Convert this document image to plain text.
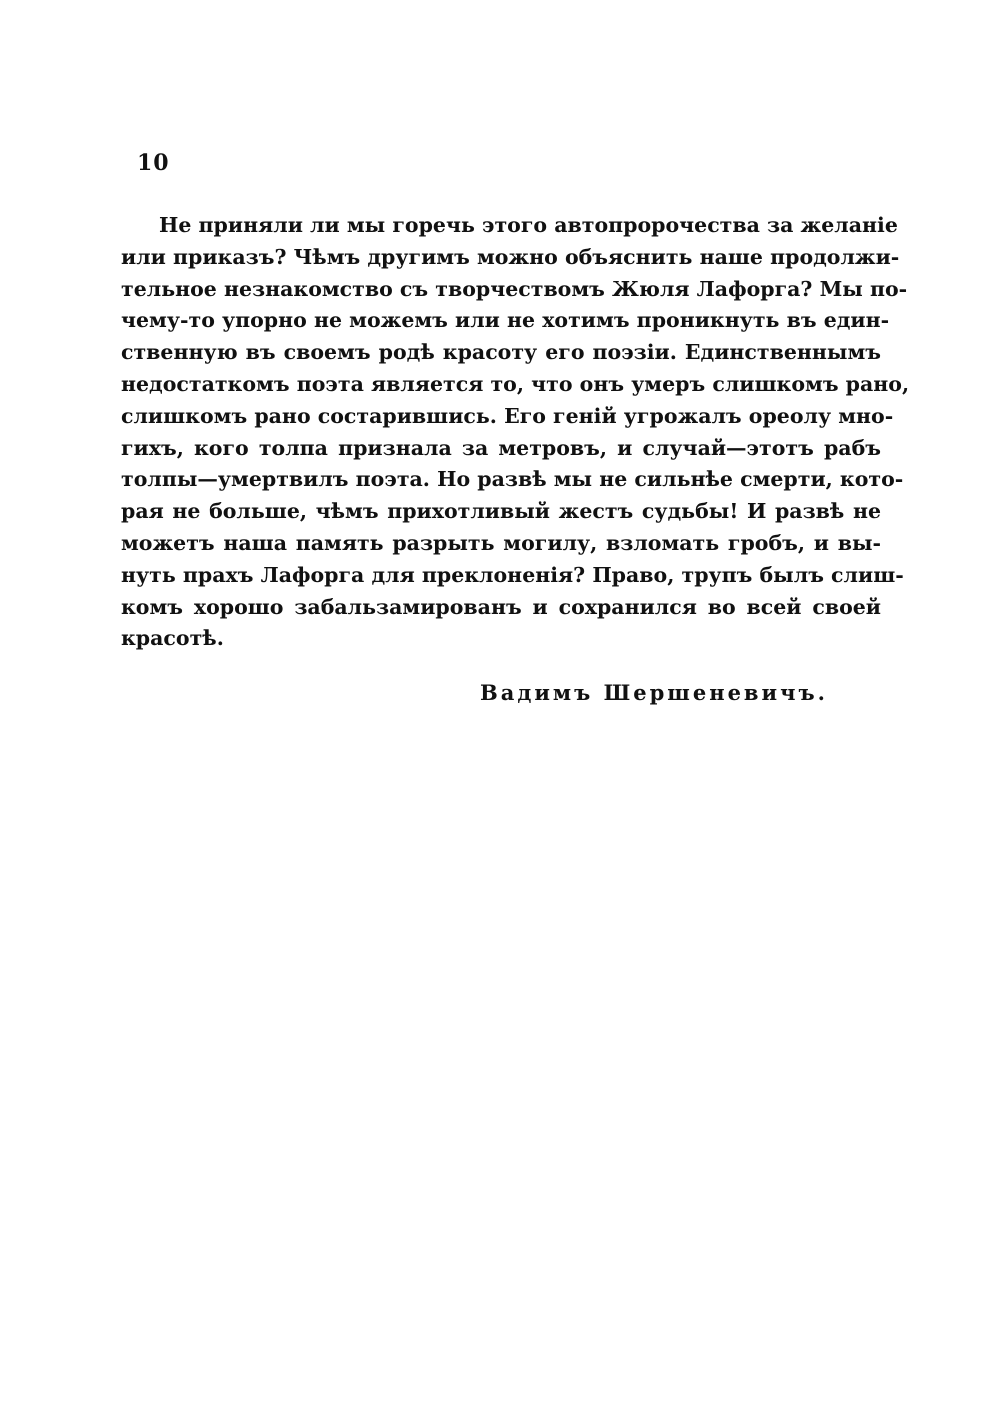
10
Не приняли ли мы горечь этого автопророчества за желаніе
или приказъ? Чѣмъ другимъ можно объяснить наше продолжи-
тельное незнакомство съ творчествомъ Жюля Лафорга? Мы по-
чему-то упорно не можемъ или не хотимъ проникнуть въ един-
ственную въ своемъ родѣ красоту его поэзіи. Единственнымъ
недостаткомъ поэта является то, что онъ умеръ слишкомъ рано,
слишкомъ рано состарившись. Его геній угрожалъ ореолу мно-
гихъ, кого толпа признала за метровъ, и случай—этотъ рабъ
толпы—умертвилъ поэта. Но развѣ мы не сильнѣе смерти, кото-
рая не больше, чѣмъ прихотливый жестъ судьбы! И развѣ не
можетъ наша память разрыть могилу, взломать гробъ, и вы-
нуть прахъ Лафорга для преклоненія? Право, трупъ былъ слиш-
комъ хорошо забальзамированъ и сохранился во всей своей
красотѣ.
Вадимъ Шершеневичъ.
